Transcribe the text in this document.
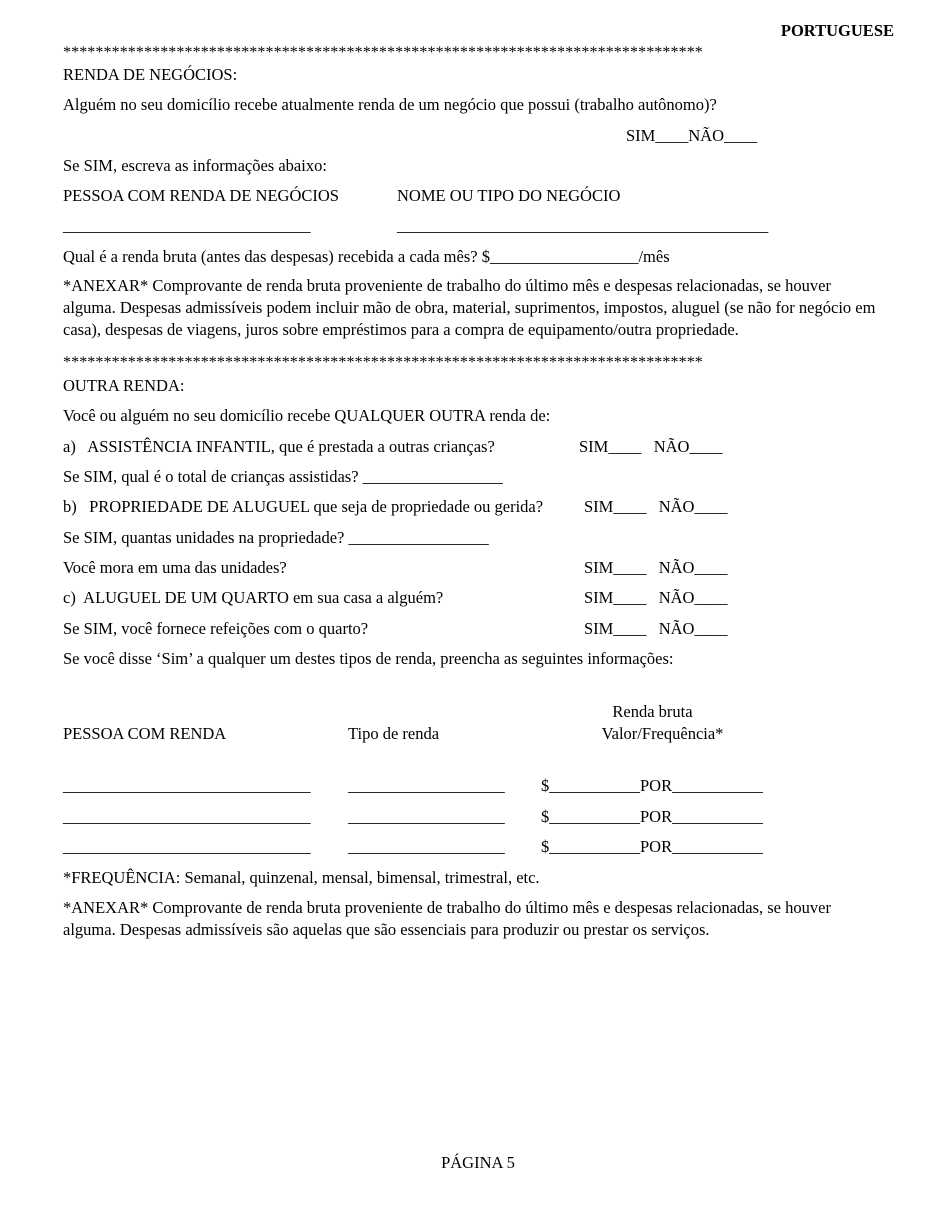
PORTUGUESE
*******************************************************************************
RENDA DE NEGÓCIOS:
Alguém no seu domicílio recebe atualmente renda de um negócio que possui (trabalho autônomo)?
SIM____NÃO____
Se SIM, escreva as informações abaixo:
PESSOA COM RENDA DE NEGÓCIOS	NOME OU TIPO DO NEGÓCIO
______________________________	_____________________________________________
Qual é a renda bruta (antes das despesas) recebida a cada mês? $__________________/mês
*ANEXAR* Comprovante de renda bruta proveniente de trabalho do último mês e despesas relacionadas, se houver alguma. Despesas admissíveis podem incluir mão de obra, material, suprimentos, impostos, aluguel (se não for negócio em casa), despesas de viagens, juros sobre empréstimos para a compra de equipamento/outra propriedade.
*******************************************************************************
OUTRA RENDA:
Você ou alguém no seu domicílio recebe QUALQUER OUTRA renda de:
a)   ASSISTÊNCIA INFANTIL, que é prestada a outras crianças?	SIM____   NÃO____
Se SIM, qual é o total de crianças assistidas? _________________
b)   PROPRIEDADE DE ALUGUEL que seja de propriedade ou gerida? SIM____   NÃO____
Se SIM, quantas unidades na propriedade? _________________
Você mora em uma das unidades?	SIM____   NÃO____
c)  ALUGUEL DE UM QUARTO em sua casa a alguém?	SIM____   NÃO____
Se SIM, você fornece refeições com o quarto?	SIM____   NÃO____
Se você disse ‘Sim’ a qualquer um destes tipos de renda, preencha as seguintes informações:
Renda bruta
PESSOA COM RENDA	Tipo de renda	Valor/Frequência*
______________________________ ___________________ $___________POR___________
______________________________ ___________________ $___________POR___________
______________________________ ___________________ $___________POR___________
*FREQUÊNCIA: Semanal, quinzenal, mensal, bimensal, trimestral, etc.
*ANEXAR* Comprovante de renda bruta proveniente de trabalho do último mês e despesas relacionadas, se houver alguma. Despesas admissíveis são aquelas que são essenciais para produzir ou prestar os serviços.
PÁGINA 5
